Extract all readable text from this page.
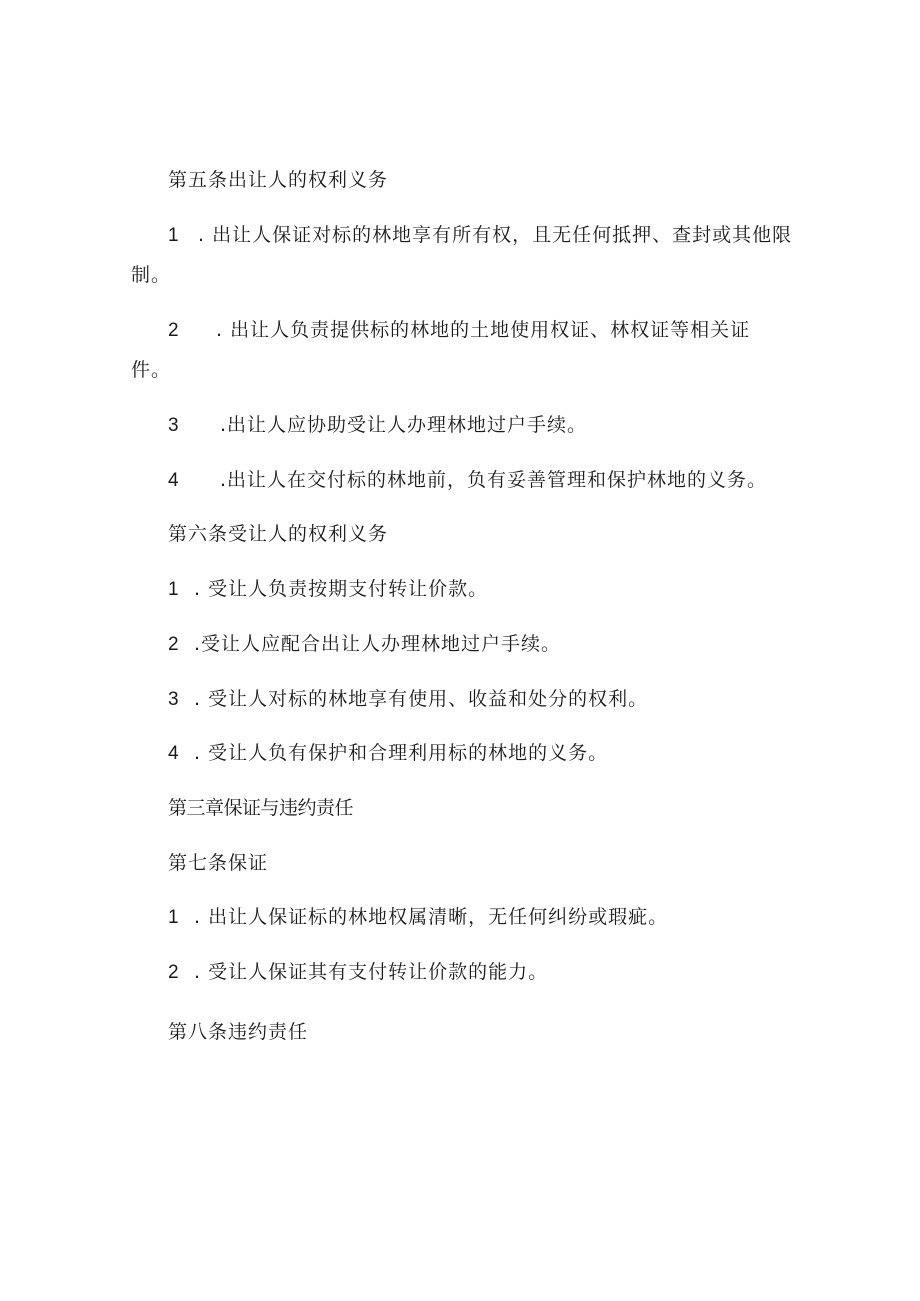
第五条出让人的权利义务
1 . 出让人保证对标的林地享有所有权，且无任何抵押、查封或其他限
制。
2 . 出让人负责提供标的林地的土地使用权证、林权证等相关证
件。
3 .出让人应协助受让人办理林地过户手续。
4 .出让人在交付标的林地前，负有妥善管理和保护林地的义务。
第六条受让人的权利义务
1 . 受让人负责按期支付转让价款。
2 .受让人应配合出让人办理林地过户手续。
3 . 受让人对标的林地享有使用、收益和处分的权利。
4 . 受让人负有保护和合理利用标的林地的义务。
第三章保证与违约责任
第七条保证
1 . 出让人保证标的林地权属清晰，无任何纠纷或瑕疵。
2 . 受让人保证其有支付转让价款的能力。
第八条违约责任
